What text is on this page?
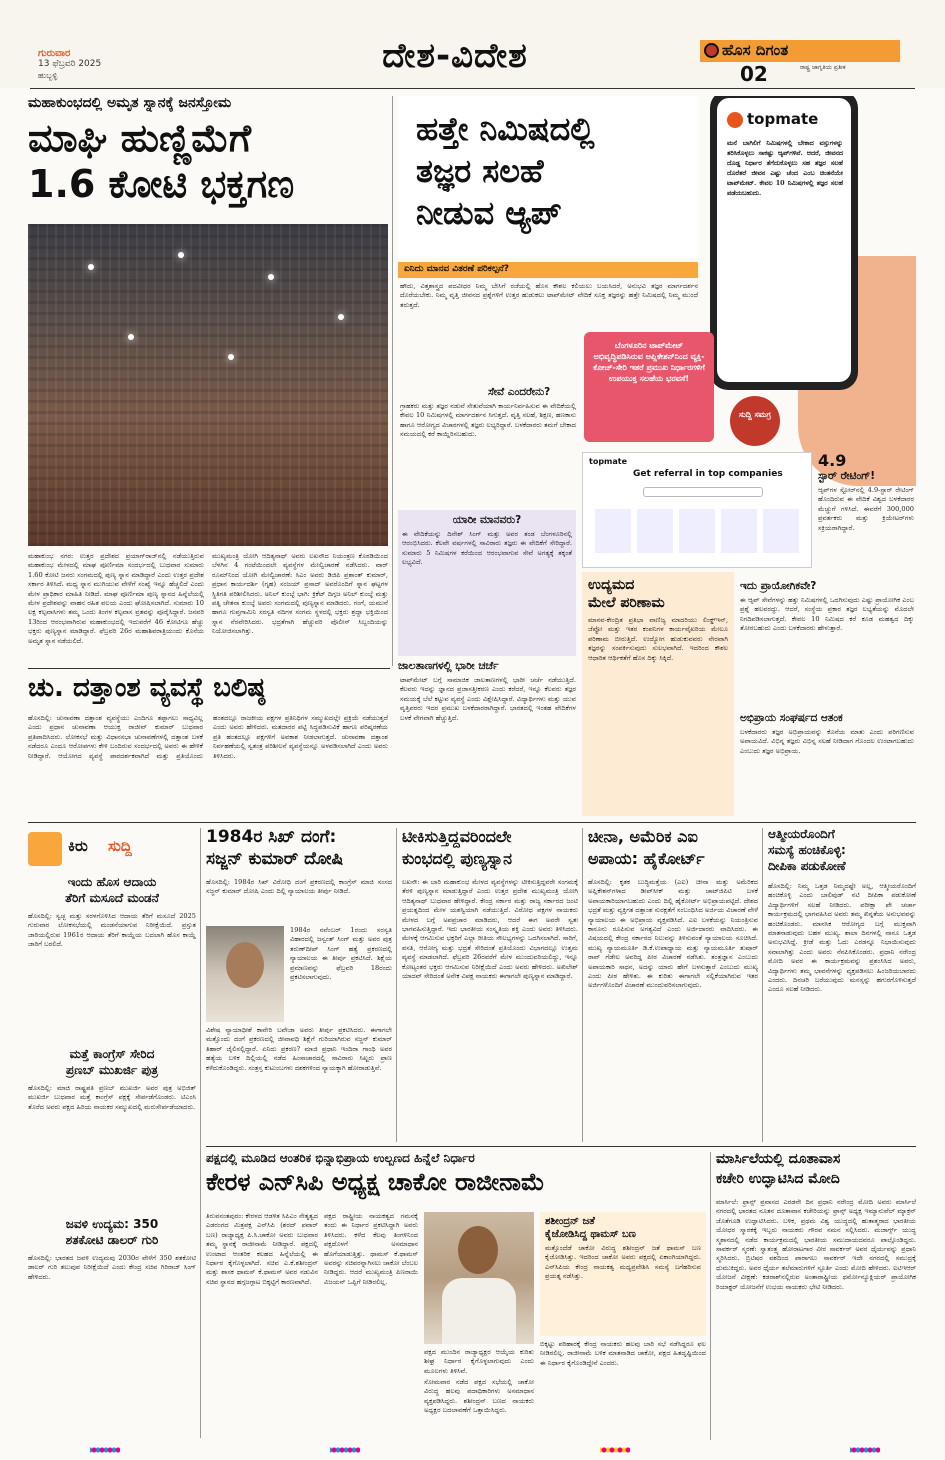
ಗುರುವಾರ
13 ಫೆಬ್ರವರಿ 2025
ಹುಬ್ಬಳ್ಳಿ	ದೇಶ-ವಿದೇಶ	ಹೊಸ ದಿಗಂತ
ರಾಷ್ಟ್ರ ಜಾಗೃತಿಯ ಪ್ರತೀಕ
02
ಮಹಾಕುಂಭದಲ್ಲಿ ಅಮೃತ ಸ್ನಾನಕ್ಕೆ ಜನಸ್ತೋಮ
ಮಾಘಿ ಹುಣ್ಣಿಮೆಗೆ
1.6 ಕೋಟಿ ಭಕ್ತಗಣ
ಮಹಾಕುಂಭ ನಗರ: ಉತ್ತರ ಪ್ರದೇಶದ ಪ್ರಯಾಗ್‌ರಾಜ್‌ನಲ್ಲಿ ನಡೆಯುತ್ತಿರುವ ಮಹಾಕುಂಭ ಮೇಳದಲ್ಲಿ ಮಾಘ ಪೂರ್ಣಿಮಾ ಸಂದರ್ಭದಲ್ಲಿ ಬುಧವಾರ ಸುಮಾರು 1.60 ಕೋಟಿ ಜನರು ಸಂಗಮದಲ್ಲಿ ಪುಣ್ಯ ಸ್ನಾನ ಮಾಡಿದ್ದಾರೆ ಎಂದು ಉತ್ತರ ಪ್ರದೇಶ ಸರ್ಕಾರ ತಿಳಿಸಿದೆ. ಮಧ್ಯ ಸ್ನಾನ ಮುಗಿಯುವ ವೇಳೆಗೆ ಸಂಖ್ಯೆ ಇನ್ನೂ ಹೆಚ್ಚಲಿದೆ ಎಂದು ಮೇಳ ಪ್ರಾಧಿಕಾರ ಮಾಹಿತಿ ನೀಡಿದೆ. ಮಾಘ ಪೂರ್ಣಿಮಾ ಪುಣ್ಯ ಸ್ನಾನದ ಹಿನ್ನೆಲೆಯಲ್ಲಿ ಮೇಳ ಪ್ರದೇಶವನ್ನು ವಾಹನ ರಹಿತ ವಲಯ ಎಂದು ಘೋಷಿಸಲಾಗಿದೆ. ಸುಮಾರು 10 ಲಕ್ಷ ಕಲ್ಪವಾಸಿಗಳು ತಮ್ಮ ಒಂದು ತಿಂಗಳ ಕಲ್ಪವಾಸ ವ್ರತವನ್ನು ಪೂರೈಸಿದ್ದಾರೆ. ಜನವರಿ 13ರಿಂದ ಆರಂಭವಾಗಿರುವ ಮಹಾಕುಂಭದಲ್ಲಿ ಇದುವರೆಗೆ 46 ಕೋಟಿಗೂ ಹೆಚ್ಚು ಭಕ್ತರು ಪುಣ್ಯಸ್ನಾನ ಮಾಡಿದ್ದಾರೆ. ಫೆಬ್ರವರಿ 26ರ ಮಹಾಶಿವರಾತ್ರಿಯಂದು ಕೊನೆಯ ಅಮೃತ ಸ್ನಾನ ನಡೆಯಲಿದೆ.
ಮುಖ್ಯಮಂತ್ರಿ ಯೋಗಿ ಆದಿತ್ಯನಾಥ್ ಅವರು ಲಖನೌದ ನಿಯಂತ್ರಣ ಕೊಠಡಿಯಿಂದ ಬೆಳಗಿನ 4 ಗಂಟೆಯಿಂದಲೇ ವ್ಯವಸ್ಥೆಗಳ ಮೇಲ್ವಿಚಾರಣೆ ನಡೆಸಿದರು. ವಾರ್ ರೂಮ್‌ನಿಂದ ಯೋಗಿ ಮೇಲ್ವಿಚಾರಣೆ: ಸಿಎಂ ಅವರು ಡಿಜಿಪಿ ಪ್ರಶಾಂತ್ ಕುಮಾರ್, ಪ್ರಧಾನ ಕಾರ್ಯದರ್ಶಿ (ಗೃಹ) ಸಂಜಯ್ ಪ್ರಸಾದ್ ಅವರೊಂದಿಗೆ ಸ್ನಾನ ಘಟ್ಟಗಳ ಸ್ಥಿತಿಗತಿ ಪರಿಶೀಲಿಸಿದರು. ಅನಿಲ್ ಕುಂಬ್ಳೆ ಭಾಗಿ: ಕ್ರಿಕೆಟ್ ದಿಗ್ಗಜ ಅನಿಲ್ ಕುಂಬ್ಳೆ ಮತ್ತು ಪತ್ನಿ ಚೇತನಾ ಕುಂಬ್ಳೆ ಅವರು ಸಂಗಮದಲ್ಲಿ ಪುಣ್ಯಸ್ನಾನ ಮಾಡಿದರು. ಗಂಗೆ, ಯಮುನೆ ಹಾಗೂ ಗುಪ್ತಗಾಮಿನಿ ಸರಸ್ವತಿ ನದಿಗಳ ಸಂಗಮ ಸ್ಥಳದಲ್ಲಿ ಭಕ್ತರು ಶ್ರದ್ಧಾ ಭಕ್ತಿಯಿಂದ ಸ್ನಾನ ನೆರವೇರಿಸಿದರು. ಭದ್ರತೆಗಾಗಿ ಹೆಚ್ಚುವರಿ ಪೊಲೀಸ್ ಸಿಬ್ಬಂದಿಯನ್ನು ನಿಯೋಜಿಸಲಾಗಿತ್ತು.
ಚು. ದತ್ತಾಂಶ ವ್ಯವಸ್ಥೆ ಬಲಿಷ್ಠ
ಹೊಸದಿಲ್ಲಿ: ಚುನಾವಣಾ ದತ್ತಾಂಶ ವ್ಯವಸ್ಥೆಯು ಎಂದಿಗೂ ತಪ್ಪಾಗಲು ಸಾಧ್ಯವಿಲ್ಲ ಎಂದು ಪ್ರಧಾನ ಚುನಾವಣಾ ಆಯುಕ್ತ ರಾಜೀವ್ ಕುಮಾರ್ ಬುಧವಾರ ಪ್ರತಿಪಾದಿಸಿದರು. ಲೋಕಸಭೆ ಮತ್ತು ವಿಧಾನಸಭಾ ಚುನಾವಣೆಗಳಲ್ಲಿ ದತ್ತಾಂಶ ಬಳಕೆ ನಡೆದರೂ ಎಂದೂ ಆರೋಪಗಳು ಕೇಳಿ ಬಂದಿರುವ ಸಂದರ್ಭದಲ್ಲಿ ಅವರು ಈ ಹೇಳಿಕೆ ನೀಡಿದ್ದಾರೆ. ಆಯೋಗದ ವ್ಯವಸ್ಥೆ ಪಾರದರ್ಶಕವಾಗಿದೆ ಮತ್ತು ಪ್ರತಿಯೊಂದು ಹಂತದಲ್ಲೂ ರಾಜಕೀಯ ಪಕ್ಷಗಳ ಪ್ರತಿನಿಧಿಗಳ ಸಮ್ಮುಖದಲ್ಲೇ ಪ್ರಕ್ರಿಯೆ ನಡೆಯುತ್ತದೆ ಎಂದು ಅವರು ಹೇಳಿದರು. ಮತದಾರರ ಪಟ್ಟಿ ಸಿದ್ಧಪಡಿಸುವಿಕೆ ಹಾಗೂ ಪರಿಷ್ಕರಣೆಯ ಪ್ರತಿ ಹಂತದಲ್ಲೂ ಪಕ್ಷಗಳಿಗೆ ಅವಕಾಶ ನೀಡಲಾಗುತ್ತದೆ. ಚುನಾವಣಾ ದತ್ತಾಂಶ ನಿರ್ವಹಣೆಯಲ್ಲಿ ಸ್ವತಂತ್ರ ಪರಿಶೀಲನೆ ವ್ಯವಸ್ಥೆಯನ್ನೂ ಅಳವಡಿಸಲಾಗಿದೆ ಎಂದು ಅವರು ತಿಳಿಸಿದರು.
ಹತ್ತೇ ನಿಮಿಷದಲ್ಲಿ
ತಜ್ಞರ ಸಲಹೆ
ನೀಡುವ ಆ್ಯಪ್
topmate
ಮನೆ ಬಾಗಿಲಿಗೆ ನಿಮಿಷಗಳಲ್ಲಿ ಬೇಕಾದ ವಸ್ತುಗಳನ್ನು ತರಿಸಿಕೊಳ್ಳಲು ಸಾಕಷ್ಟು ಆ್ಯಪ್‌ಗಳಿವೆ. ಆದರೆ, ಜೀವನದ ದೊಡ್ಡ ನಿರ್ಧಾರ ತೆಗೆದುಕೊಳ್ಳಲು ಸಹ ತಜ್ಞರ ಸಲಹೆ ದೊರೆತರೆ ಜೀವನ ಎಷ್ಟು ಚೆಂದ ಎಂಬ ಚಿಂತನೆಯೇ ಟಾಪ್‌ಮೇಟ್. ಕೇವಲ 10 ನಿಮಿಷಗಳಲ್ಲಿ ತಜ್ಞರ ಸಲಹೆ ಪಡೆಯಬಹುದು.
ಏನಿದು ಮಾನವ ವಿತರಣೆ ಪರಿಕಲ್ಪನೆ?
ಹೌದು, ವಿತ್ತಶಾಸ್ತ್ರದ ಪದವೀಧರ ನಿಮ್ಮ ಬೇಸಿಗೆ ರಜೆಯಲ್ಲಿ ಹೊಸ ಕೌಶಲ ಕಲಿಯಲು ಬಯಸಿದರೆ, ಅನುಭವಿ ತಜ್ಞರ ಮಾರ್ಗದರ್ಶನ ದೊರೆಯಬೇಕು. ನಿಮ್ಮ ವೃತ್ತಿ ಜೀವನದ ಪ್ರಶ್ನೆಗಳಿಗೆ ಉತ್ತರ ಹುಡುಕಲು ಟಾಪ್‌ಮೇಟ್ ವೇದಿಕೆ ಸೂಕ್ತ ತಜ್ಞರನ್ನು ಹತ್ತೇ ನಿಮಿಷದಲ್ಲಿ ನಿಮ್ಮ ಮುಂದೆ ತರುತ್ತದೆ.
ಬೆಂಗಳೂರಿನ ಟಾಪ್‌ಮೇಟ್ ಅಭಿವೃದ್ಧಿಪಡಿಸಿರುವ ಅಪ್ಲಿಕೇಶನ್‌ನಿಂದ ವ್ಯಕ್ತಿ-ಕೋಚ್-ಸೇರಿ ಇತರೆ ಪ್ರಮುಖ ನಿರ್ಧಾರಗಳಿಗೆ ಉಪಯುಕ್ತ ಸಲಹೆಯ ಭರವಸೆ!
ಸುದ್ದಿ ಸಮಗ್ರ
ಸೇವೆ ಎಂದರೇನು?
ಗ್ರಾಹಕರು ಮತ್ತು ತಜ್ಞರ ನಡುವೆ ಸೇತುವೆಯಾಗಿ ಕಾರ್ಯನಿರ್ವಹಿಸುವ ಈ ವೇದಿಕೆಯಲ್ಲಿ ಕೇವಲ 10 ನಿಮಿಷಗಳಲ್ಲಿ ಮಾರ್ಗದರ್ಶನ ಸಿಗುತ್ತದೆ. ವೃತ್ತಿ ಸಲಹೆ, ಶಿಕ್ಷಣ, ಹಣಕಾಸು ಹಾಗೂ ಆರೋಗ್ಯದ ವಿಚಾರಗಳಲ್ಲಿ ತಜ್ಞರು ಲಭ್ಯರಿದ್ದಾರೆ. ಬಳಕೆದಾರರು ತಮಗೆ ಬೇಕಾದ ಸಮಯದಲ್ಲಿ ಕರೆ ಕಾಯ್ದಿರಿಸಬಹುದು.
topmate
Get referral in top companies
4.9
ಸ್ಟಾರ್ ರೇಟಿಂಗ್!
ಆ್ಯಪ್‌ಗಳ ಸ್ಟೋರ್‌ನಲ್ಲಿ 4.9-ಸ್ಟಾರ್ ರೇಟಿಂಗ್ ಹೊಂದಿರುವ ಈ ವೇದಿಕೆ ವಿಶ್ವದ ಬಳಕೆದಾರರ ಮೆಚ್ಚುಗೆ ಗಳಿಸಿದೆ. ಈವರೆಗೆ 300,000 ಪ್ರವರ್ತಕರು ಮತ್ತು ಕ್ರಿಯೇಟರ್‌ಗಳು ಸಕ್ರಿಯರಾಗಿದ್ದಾರೆ.
ಯಾರೀ ಮಾನವರು?
ಈ ವೇದಿಕೆಯನ್ನು ದಿನೇಶ್ ಸಿಂಗ್ ಮತ್ತು ಅವರ ತಂಡ ಬೆಂಗಳೂರಿನಲ್ಲಿ ಆರಂಭಿಸಿದರು. ಕೆಲವೇ ವರ್ಷಗಳಲ್ಲಿ ಸಾವಿರಾರು ತಜ್ಞರು ಈ ವೇದಿಕೆಗೆ ಸೇರಿದ್ದಾರೆ. ಸುಮಾರು 5 ನಿಮಿಷಗಳ ಕರೆಯಿಂದ ಆರಂಭವಾಗುವ ಸೇವೆ ಅಗತ್ಯಕ್ಕೆ ತಕ್ಕಂತೆ ಲಭ್ಯವಿದೆ.
ಉದ್ಯಮದ
ಮೇಲೆ ಪರಿಣಾಮ
ಮಾನವ-ಕೇಂದ್ರಿತ ಪ್ರತಿಭಾ ವಾಣಿಜ್ಯ ಮಾದರಿಯು ಲಿಂಕ್ಡ್‌ಇನ್, ಜೆಪ್ಟೋ ಮತ್ತು ಇತರ ಕಂಪನಿಗಳ ಕಾರ್ಯವೈಖರಿಯ ಮೇಲೂ ಪರಿಣಾಮ ಬೀರುತ್ತಿದೆ. ಉದ್ಯೋಗ ಹುಡುಕುವವರು ನೇರವಾಗಿ ತಜ್ಞರನ್ನು ಸಂಪರ್ಕಿಸುವುದು ಸುಲಭವಾಗಿದೆ. ಇದರಿಂದ ಕೌಶಲ ಆಧಾರಿತ ಆರ್ಥಿಕತೆಗೆ ಹೊಸ ದಿಕ್ಕು ಸಿಕ್ಕಿದೆ.
ಜಾಲತಾಣಗಳಲ್ಲಿ ಭಾರೀ ಚರ್ಚೆ
ಟಾಪ್‌ಮೇಟ್ ಬಗ್ಗೆ ಸಾಮಾಜಿಕ ಜಾಲತಾಣಗಳಲ್ಲಿ ಭಾರೀ ಚರ್ಚೆ ನಡೆಯುತ್ತಿದೆ. ಕೆಲವರು ಇದನ್ನು ಜ್ಞಾನದ ಪ್ರಜಾಸತ್ತೀಕರಣ ಎಂದು ಕರೆದರೆ, ಇನ್ನೂ ಕೆಲವರು ತಜ್ಞರ ಸಮಯಕ್ಕೆ ಬೆಲೆ ಕಟ್ಟುವ ವ್ಯವಸ್ಥೆ ಎಂದು ವಿಶ್ಲೇಷಿಸಿದ್ದಾರೆ. ವಿದ್ಯಾರ್ಥಿಗಳು ಮತ್ತು ಯುವ ವೃತ್ತಿಪರರು ಇದರ ಪ್ರಮುಖ ಬಳಕೆದಾರರಾಗಿದ್ದಾರೆ. ಭಾರತದಲ್ಲಿ ಇಂತಹ ವೇದಿಕೆಗಳ ಬಳಕೆ ವೇಗವಾಗಿ ಹೆಚ್ಚುತ್ತಿದೆ.
ಇದು ಪ್ರಾಯೋಗಿಕವೇ?
ಈ ಆ್ಯಪ್ ಸೇವೆಗಳನ್ನು ಹತ್ತು ನಿಮಿಷಗಳಲ್ಲಿ ಒದಗಿಸುವುದು ಎಷ್ಟು ಪ್ರಾಯೋಗಿಕ ಎಂಬ ಪ್ರಶ್ನೆ ಹಲವರದ್ದು. ಆದರೆ, ಸಂಸ್ಥೆಯ ಪ್ರಕಾರ ತಜ್ಞರ ಲಭ್ಯತೆಯನ್ನು ಮೊದಲೇ ನಿಗದಿಪಡಿಸಲಾಗುತ್ತದೆ. ಕೇವಲ 10 ನಿಮಿಷದ ಕರೆ ಕೂಡ ಮಹತ್ವದ ದಿಕ್ಕು ತೋರಬಹುದು ಎಂದು ಬಳಕೆದಾರರು ಹೇಳುತ್ತಾರೆ.
ಅಭಿಪ್ರಾಯ ಸಂಘರ್ಷದ ಆತಂಕ
ಬಳಕೆದಾರರು ತಜ್ಞರ ಅಭಿಪ್ರಾಯವನ್ನು ಕೊನೆಯ ಮಾತು ಎಂದು ಪರಿಗಣಿಸುವ ಅಪಾಯವಿದೆ. ವಿಭಿನ್ನ ತಜ್ಞರು ವಿಭಿನ್ನ ಸಲಹೆ ನೀಡಿದಾಗ ಗೊಂದಲ ಉಂಟಾಗಬಹುದು ಎಂಬುದು ತಜ್ಞರ ಅಭಿಪ್ರಾಯ.
ಕಿರು	ಸುದ್ದಿ
ಇಂದು ಹೊಸ ಆದಾಯ
ತೆರಿಗೆ ಮಸೂದೆ ಮಂಡನೆ
ಹೊಸದಿಲ್ಲಿ: ಸ್ವಚ್ಛ ಮತ್ತು ಸರಳಗೊಳಿಸಿದ ಆದಾಯ ತೆರಿಗೆ ಮಸೂದೆ 2025 ಗುರುವಾರ ಲೋಕಸಭೆಯಲ್ಲಿ ಮಂಡನೆಯಾಗುವ ನಿರೀಕ್ಷೆಯಿದೆ. ಪ್ರಸ್ತುತ ಜಾರಿಯಲ್ಲಿರುವ 1961ರ ಆದಾಯ ತೆರಿಗೆ ಕಾಯ್ದೆಯ ಬದಲಾಗಿ ಹೊಸ ಕಾಯ್ದೆ ಜಾರಿಗೆ ಬರಲಿದೆ.
ಮತ್ತೆ ಕಾಂಗ್ರೆಸ್ ಸೇರಿದ
ಪ್ರಣಬ್ ಮುಖರ್ಜಿ ಪುತ್ರ
ಹೊಸದಿಲ್ಲಿ: ಮಾಜಿ ರಾಷ್ಟ್ರಪತಿ ಪ್ರಣಬ್ ಮುಖರ್ಜಿ ಅವರ ಪುತ್ರ ಅಭಿಜಿತ್ ಮುಖರ್ಜಿ ಬುಧವಾರ ಮತ್ತೆ ಕಾಂಗ್ರೆಸ್ ಪಕ್ಷಕ್ಕೆ ಸೇರ್ಪಡೆಗೊಂಡರು. ಟಿಎಂಸಿ ತೊರೆದ ಅವರು ಪಕ್ಷದ ಹಿರಿಯ ನಾಯಕರ ಸಮ್ಮುಖದಲ್ಲಿ ಮರುಸೇರ್ಪಡೆಯಾದರು.
ಜವಳಿ ಉದ್ಯಮ: 350
ಶತಕೋಟಿ ಡಾಲರ್ ಗುರಿ
ಹೊಸದಿಲ್ಲಿ: ಭಾರತದ ಜವಳಿ ಉದ್ಯಮವು 2030ರ ವೇಳೆಗೆ 350 ಶತಕೋಟಿ ಡಾಲರ್ ಗುರಿ ತಲುಪುವ ನಿರೀಕ್ಷೆಯಿದೆ ಎಂದು ಕೇಂದ್ರ ಸಚಿವ ಗಿರಿರಾಜ್ ಸಿಂಗ್ ಹೇಳಿದರು.
1984ರ ಸಿಖ್ ದಂಗೆ:
ಸಜ್ಜನ್ ಕುಮಾರ್ ದೋಷಿ
ಹೊಸದಿಲ್ಲಿ: 1984ರ ಸಿಖ್ ವಿರೋಧಿ ದಂಗೆ ಪ್ರಕರಣದಲ್ಲಿ ಕಾಂಗ್ರೆಸ್ ಮಾಜಿ ಸಂಸದ ಸಜ್ಜನ್ ಕುಮಾರ್ ದೋಷಿ ಎಂದು ದಿಲ್ಲಿ ನ್ಯಾಯಾಲಯ ತೀರ್ಪು ನೀಡಿದೆ.
1984ರ ನವೆಂಬರ್ 1ರಂದು ಸರಸ್ವತಿ ವಿಹಾರದಲ್ಲಿ ಜಸ್ವಂತ್ ಸಿಂಗ್ ಮತ್ತು ಅವರ ಪುತ್ರ ತರುಣ್‌ದೀಪ್ ಸಿಂಗ್ ಹತ್ಯೆ ಪ್ರಕರಣದಲ್ಲಿ ನ್ಯಾಯಾಲಯ ಈ ತೀರ್ಪು ಪ್ರಕಟಿಸಿದೆ. ಶಿಕ್ಷೆಯ ಪ್ರಮಾಣವನ್ನು ಫೆಬ್ರವರಿ 18ರಂದು ಪ್ರಕಟಿಸಲಾಗುವುದು.
ವಿಶೇಷ ನ್ಯಾಯಾಧೀಶೆ ಕಾವೇರಿ ಬವೇಜಾ ಅವರು ತೀರ್ಪು ಪ್ರಕಟಿಸಿದರು. ಈಗಾಗಲೇ ಮತ್ತೊಂದು ದಂಗೆ ಪ್ರಕರಣದಲ್ಲಿ ಜೀವಾವಧಿ ಶಿಕ್ಷೆಗೆ ಗುರಿಯಾಗಿರುವ ಸಜ್ಜನ್ ಕುಮಾರ್ ತಿಹಾರ್ ಜೈಲಿನಲ್ಲಿದ್ದಾರೆ. ಏನಿದು ಪ್ರಕರಣ? ಮಾಜಿ ಪ್ರಧಾನಿ ಇಂದಿರಾ ಗಾಂಧಿ ಅವರ ಹತ್ಯೆಯ ಬಳಿಕ ದಿಲ್ಲಿಯಲ್ಲಿ ನಡೆದ ಹಿಂಸಾಚಾರದಲ್ಲಿ ಸಾವಿರಾರು ಸಿಖ್ಖರು ಪ್ರಾಣ ಕಳೆದುಕೊಂಡಿದ್ದರು. ಸಂತ್ರಸ್ತ ಕುಟುಂಬಗಳು ದಶಕಗಳಿಂದ ನ್ಯಾಯಕ್ಕಾಗಿ ಹೋರಾಡುತ್ತಿವೆ.
ಟೀಕಿಸುತ್ತಿದ್ದವರಿಂದಲೇ
ಕುಂಭದಲ್ಲಿ ಪುಣ್ಯಸ್ನಾನ
ಲಖನೌ: ಈ ಬಾರಿ ಮಹಾಕುಂಭ ಮೇಳದ ವ್ಯವಸ್ಥೆಗಳನ್ನು ಟೀಕಿಸುತ್ತಿದ್ದವರೇ ಸಂಗಮಕ್ಕೆ ತೆರಳಿ ಪುಣ್ಯಸ್ನಾನ ಮಾಡುತ್ತಿದ್ದಾರೆ ಎಂದು ಉತ್ತರ ಪ್ರದೇಶ ಮುಖ್ಯಮಂತ್ರಿ ಯೋಗಿ ಆದಿತ್ಯನಾಥ್ ಬುಧವಾರ ಹೇಳಿದ್ದಾರೆ. ಕೇಂದ್ರ ಸರ್ಕಾರ ಮತ್ತು ರಾಜ್ಯ ಸರ್ಕಾರದ ಜಂಟಿ ಪ್ರಯತ್ನದಿಂದ ಮೇಳ ಯಶಸ್ವಿಯಾಗಿ ನಡೆಯುತ್ತಿದೆ. ವಿರೋಧ ಪಕ್ಷಗಳ ನಾಯಕರು ಮೇಳದ ಬಗ್ಗೆ ಅಪಪ್ರಚಾರ ಮಾಡಿದರು, ಆದರೆ ಈಗ ಅವರೇ ಸ್ವತಃ ಭಾಗವಹಿಸುತ್ತಿದ್ದಾರೆ. ಇದು ಭಾರತೀಯ ಸಂಸ್ಕೃತಿಯ ಶಕ್ತಿ ಎಂದು ಅವರು ತಿಳಿಸಿದರು. ಮೇಳಕ್ಕೆ ಆಗಮಿಸುವ ಭಕ್ತರಿಗೆ ಎಲ್ಲಾ ರೀತಿಯ ಸೌಲಭ್ಯಗಳನ್ನು ಒದಗಿಸಲಾಗಿದೆ. ಸಾರಿಗೆ, ವಸತಿ, ಆರೋಗ್ಯ ಮತ್ತು ಭದ್ರತೆ ಸೇರಿದಂತೆ ಪ್ರತಿಯೊಂದು ವಿಭಾಗದಲ್ಲೂ ಉತ್ತಮ ವ್ಯವಸ್ಥೆ ಮಾಡಲಾಗಿದೆ. ಫೆಬ್ರವರಿ 26ರವರೆಗೆ ಮೇಳ ಮುಂದುವರಿಯಲಿದ್ದು, ಇನ್ನೂ ಕೋಟ್ಯಂತರ ಭಕ್ತರು ಆಗಮಿಸುವ ನಿರೀಕ್ಷೆಯಿದೆ ಎಂದು ಅವರು ಹೇಳಿದರು. ಅಖಿಲೇಶ್ ಯಾದವ್ ಸೇರಿದಂತೆ ಅನೇಕ ವಿಪಕ್ಷ ನಾಯಕರು ಈಗಾಗಲೇ ಪುಣ್ಯಸ್ನಾನ ಮಾಡಿದ್ದಾರೆ.
ಚೀನಾ, ಅಮೆರಿಕ ಎಐ
ಅಪಾಯ: ಹೈಕೋರ್ಟ್
ಹೊಸದಿಲ್ಲಿ: ಕೃತಕ ಬುದ್ಧಿಮತ್ತೆಯ (ಎಐ) ಚೀನಾ ಮತ್ತು ಅಮೆರಿಕದ ಅಪ್ಲಿಕೇಶನ್‌ಗಳಾದ ಡೀಪ್‌ಸೀಕ್ ಮತ್ತು ಚಾಟ್‌ಜಿಪಿಟಿ ಬಳಕೆ ಅಪಾಯಕಾರಿಯಾಗಬಹುದು ಎಂದು ದಿಲ್ಲಿ ಹೈಕೋರ್ಟ್ ಅಭಿಪ್ರಾಯಪಟ್ಟಿದೆ. ದೇಶದ ಭದ್ರತೆ ಮತ್ತು ವ್ಯಕ್ತಿಗತ ದತ್ತಾಂಶ ಸುರಕ್ಷತೆಗೆ ಸಂಬಂಧಿಸಿದ ಅರ್ಜಿಯ ವಿಚಾರಣೆ ವೇಳೆ ನ್ಯಾಯಾಲಯ ಈ ಅಭಿಪ್ರಾಯ ವ್ಯಕ್ತಪಡಿಸಿದೆ. ಎಐ ಬಳಕೆಯನ್ನು ನಿಯಂತ್ರಿಸುವ ಕಾನೂನು ರೂಪಿಸುವ ಅಗತ್ಯವಿದೆ ಎಂದು ಅರ್ಜಿದಾರರು ವಾದಿಸಿದರು. ಈ ವಿಷಯದಲ್ಲಿ ಕೇಂದ್ರ ಸರ್ಕಾರದ ನಿಲುವನ್ನು ತಿಳಿಸುವಂತೆ ನ್ಯಾಯಾಲಯ ಸೂಚಿಸಿದೆ. ಮುಖ್ಯ ನ್ಯಾಯಮೂರ್ತಿ ಡಿ.ಕೆ.ಉಪಾಧ್ಯಾಯ ಮತ್ತು ನ್ಯಾಯಮೂರ್ತಿ ತುಷಾರ್ ರಾವ್ ಗೆಡೇಲ ಅವರಿದ್ದ ಪೀಠ ವಿಚಾರಣೆ ನಡೆಸಿತು. ತಂತ್ರಜ್ಞಾನ ಎಂಬುದು ಅಪಾಯಕಾರಿ ಸಾಧನ, ಅದನ್ನು ಯಾರು ಹೇಗೆ ಬಳಸುತ್ತಾರೆ ಎಂಬುದು ಮುಖ್ಯ ಎಂದು ಪೀಠ ಹೇಳಿತು. ಈ ಕುರಿತು ಈಗಾಗಲೇ ಸಲ್ಲಿಕೆಯಾಗಿರುವ ಇತರ ಅರ್ಜಿಗಳೊಂದಿಗೆ ವಿಚಾರಣೆ ಮುಂದುವರಿಸಲಾಗುವುದು.
ಆತ್ಮೀಯರೊಂದಿಗೆ
ಸಮಸ್ಯೆ ಹಂಚಿಕೊಳ್ಳಿ:
ದೀಪಿಕಾ ಪಡುಕೋಣೆ
ಹೊಸದಿಲ್ಲಿ: ನಿಮ್ಮ ಒತ್ತಡ ನಿಮ್ಮದಷ್ಟೇ ಅಲ್ಲ, ಆತ್ಮೀಯರೊಂದಿಗೆ ಹಂಚಿಕೊಳ್ಳಿ ಎಂದು ಬಾಲಿವುಡ್ ನಟಿ ದೀಪಿಕಾ ಪಡುಕೋಣೆ ವಿದ್ಯಾರ್ಥಿಗಳಿಗೆ ಸಲಹೆ ನೀಡಿದರು. ಪರೀಕ್ಷಾ ಪೇ ಚರ್ಚಾ ಕಾರ್ಯಕ್ರಮದಲ್ಲಿ ಭಾಗವಹಿಸಿದ ಅವರು ತಮ್ಮ ಖಿನ್ನತೆಯ ಅನುಭವವನ್ನು ಹಂಚಿಕೊಂಡರು. ಮಾನಸಿಕ ಆರೋಗ್ಯದ ಬಗ್ಗೆ ಮುಕ್ತವಾಗಿ ಮಾತನಾಡುವುದು ಬಹಳ ಮುಖ್ಯ. ಶಾಲಾ ದಿನಗಳಲ್ಲಿ ನಾನೂ ಒತ್ತಡ ಅನುಭವಿಸಿದ್ದೆ. ಕ್ರೀಡೆ ಮತ್ತು ಓದು ಎರಡನ್ನೂ ನಿಭಾಯಿಸುವುದು ಸವಾಲಾಗಿತ್ತು ಎಂದು ಅವರು ನೆನಪಿಸಿಕೊಂಡರು. ಪ್ರಧಾನಿ ನರೇಂದ್ರ ಮೋದಿ ಅವರ ಈ ಕಾರ್ಯಕ್ರಮವನ್ನು ಪ್ರಶಂಸಿಸಿದ ಅವರು, ವಿದ್ಯಾರ್ಥಿಗಳು ತಮ್ಮ ಭಾವನೆಗಳನ್ನು ವ್ಯಕ್ತಪಡಿಸಲು ಹಿಂಜರಿಯಬಾರದು ಎಂದರು. ದಿನಚರಿ ಬರೆಯುವುದು ಮನಸ್ಸನ್ನು ಹಗುರಗೊಳಿಸುತ್ತದೆ ಎಂದೂ ಸಲಹೆ ನೀಡಿದರು.
ಪಕ್ಷದಲ್ಲಿ ಮೂಡಿದ ಆಂತರಿಕ ಭಿನ್ನಾಭಿಪ್ರಾಯ ಉಲ್ಬಣದ ಹಿನ್ನೆಲೆ ನಿರ್ಧಾರ
ಕೇರಳ ಎನ್‌ಸಿಪಿ ಅಧ್ಯಕ್ಷ ಚಾಕೋ ರಾಜೀನಾಮೆ
ತಿರುವನಂತಪುರಂ: ಕೇರಳದ ಆಡಳಿತ ಸಿಪಿಎಂ ನೇತೃತ್ವದ ಎಡರಂಗದ ಮಿತ್ರಪಕ್ಷ ಎನ್‌ಸಿಪಿ (ಶರದ್ ಪವಾರ್ ಬಣ) ರಾಜ್ಯಾಧ್ಯಕ್ಷ ಪಿ.ಸಿ.ಚಾಕೋ ಅವರು ಬುಧವಾರ ತಮ್ಮ ಸ್ಥಾನಕ್ಕೆ ರಾಜೀನಾಮೆ ನೀಡಿದ್ದಾರೆ. ಪಕ್ಷದಲ್ಲಿ ಉಂಟಾದ ಆಂತರಿಕ ಕಲಹದ ಹಿನ್ನೆಲೆಯಲ್ಲಿ ಈ ನಿರ್ಧಾರ ಕೈಗೊಳ್ಳಲಾಗಿದೆ. ಸಚಿವ ಎ.ಕೆ.ಶಶೀಂದ್ರನ್ ಮತ್ತು ಶಾಸಕ ಥಾಮಸ್ ಕೆ.ಥಾಮಸ್ ಅವರ ನಡುವಿನ ಸಚಿವ ಸ್ಥಾನದ ಹಗ್ಗಜಗ್ಗಾಟ ಬಿಕ್ಕಟ್ಟಿಗೆ ಕಾರಣವಾಗಿದೆ.
ಪಕ್ಷದ ರಾಷ್ಟ್ರೀಯ ನಾಯಕತ್ವದ ಗಮನಕ್ಕೆ ತಂದು ಈ ನಿರ್ಧಾರ ಪ್ರಕಟಿಸಿದ್ದಾಗಿ ಅವರು ತಿಳಿಸಿದರು. ಕಳೆದ ಕೆಲವು ತಿಂಗಳಿನಿಂದ ಪಕ್ಷದೊಳಗೆ ಅಸಮಾಧಾನ ಹೊಗೆಯಾಡುತ್ತಿತ್ತು. ಥಾಮಸ್ ಕೆ.ಥಾಮಸ್ ಅವರನ್ನು ಸಚಿವರನ್ನಾಗಿಸಲು ಚಾಕೋ ಬೆಂಬಲ ನೀಡಿದ್ದರು. ಆದರೆ ಮುಖ್ಯಮಂತ್ರಿ ಪಿಣರಾಯಿ ವಿಜಯನ್ ಒಪ್ಪಿಗೆ ನೀಡಿರಲಿಲ್ಲ.
ಪಕ್ಷದ ಮುಂದಿನ ರಾಜ್ಯಾಧ್ಯಕ್ಷರ ಆಯ್ಕೆಯ ಕುರಿತು ಶೀಘ್ರ ನಿರ್ಧಾರ ಕೈಗೊಳ್ಳಲಾಗುವುದು ಎಂದು ಮೂಲಗಳು ತಿಳಿಸಿವೆ.
ಸೋಮವಾರ ನಡೆದ ಪಕ್ಷದ ಸಭೆಯಲ್ಲಿ ಚಾಕೋ ವಿರುದ್ಧ ಹಲವು ಪದಾಧಿಕಾರಿಗಳು ಅಸಮಾಧಾನ ವ್ಯಕ್ತಪಡಿಸಿದ್ದರು. ಶಶೀಂದ್ರನ್ ಬಣದ ನಾಯಕರು ಅಧ್ಯಕ್ಷರ ಬದಲಾವಣೆಗೆ ಒತ್ತಾಯಿಸಿದ್ದರು.
ಶಶೀಂದ್ರನ್ ಜತೆ
ಕೈಜೋಡಿಸಿದ್ದ ಥಾಮಸ್ ಬಣ
ಮತ್ತೊಂದೆಡೆ ಚಾಕೋ ವಿರುದ್ಧ ಶಶೀಂದ್ರನ್ ಜತೆ ಥಾಮಸ್ ಬಣ ಕೈಜೋಡಿಸಿತ್ತು. ಇದರಿಂದ ಚಾಕೋ ಅವರು ಪಕ್ಷದಲ್ಲಿ ಏಕಾಂಗಿಯಾಗಿದ್ದರು. ಎನ್‌ಸಿಪಿಯ ಕೇಂದ್ರ ನಾಯಕತ್ವ ಮಧ್ಯಪ್ರವೇಶಿಸಿ ಸಮಸ್ಯೆ ಬಗೆಹರಿಸುವ ಪ್ರಯತ್ನ ನಡೆಸಿತ್ತು.
ಬಿಕ್ಕಟ್ಟು ಪರಿಹಾರಕ್ಕೆ ಕೇಂದ್ರ ನಾಯಕರು ಹಲವು ಬಾರಿ ಸಭೆ ನಡೆಸಿದ್ದರೂ ಫಲ ನೀಡಿರಲಿಲ್ಲ. ರಾಜೀನಾಮೆ ಬಳಿಕ ಮಾತನಾಡಿದ ಚಾಕೋ, ಪಕ್ಷದ ಹಿತದೃಷ್ಟಿಯಿಂದ ಈ ನಿರ್ಧಾರ ಕೈಗೊಂಡಿದ್ದೇನೆ ಎಂದರು.
ಮಾರ್ಸಿಲೆಯಲ್ಲಿ ದೂತಾವಾಸ
ಕಚೇರಿ ಉದ್ಘಾಟಿಸಿದ ಮೋದಿ
ಮಾರ್ಸಿಲೆ: ಫ್ರಾನ್ಸ್ ಪ್ರವಾಸದ ಎರಡನೇ ದಿನ ಪ್ರಧಾನಿ ನರೇಂದ್ರ ಮೋದಿ ಅವರು ಮಾರ್ಸಿಲೆ ನಗರದಲ್ಲಿ ಭಾರತದ ನೂತನ ದೂತಾವಾಸ ಕಚೇರಿಯನ್ನು ಫ್ರಾನ್ಸ್ ಅಧ್ಯಕ್ಷ ಇಮ್ಯಾನುವೆಲ್ ಮ್ಯಾಕ್ರನ್ ಜೊತೆಗೂಡಿ ಉದ್ಘಾಟಿಸಿದರು. ಬಳಿಕ, ಪ್ರಥಮ ವಿಶ್ವ ಯುದ್ಧದಲ್ಲಿ ಹುತಾತ್ಮರಾದ ಭಾರತೀಯ ಯೋಧರ ಸ್ಮಾರಕಕ್ಕೆ ಇಬ್ಬರು ನಾಯಕರು ಗೌರವ ನಮನ ಸಲ್ಲಿಸಿದರು. ಮಜಾರ್ಗ್ಸ್ ಯುದ್ಧ ಸ್ಮಶಾನದಲ್ಲಿ ನಡೆದ ಕಾರ್ಯಕ್ರಮದಲ್ಲಿ ಭಾರತೀಯ ಸಮುದಾಯದವರೂ ಪಾಲ್ಗೊಂಡಿದ್ದರು. ಸಾವರ್ಕರ್ ಸ್ಮರಣೆ: ಸ್ವಾತಂತ್ರ್ಯ ಹೋರಾಟಗಾರ ವೀರ ಸಾವರ್ಕರ್ ಅವರ ಧೈರ್ಯವನ್ನು ಪ್ರಧಾನಿ ಸ್ಮರಿಸಿದರು. ಬ್ರಿಟಿಷರ ವಶದಿಂದ ಪಾರಾಗಲು ಸಾವರ್ಕರ್ ಇದೇ ನಗರದಲ್ಲಿ ಸಮುದ್ರಕ್ಕೆ ಧುಮುಕಿದ್ದರು. ಅವರ ಧೈರ್ಯ ತಲೆಮಾರುಗಳಿಗೆ ಸ್ಫೂರ್ತಿ ಎಂದು ಮೋದಿ ಹೇಳಿದರು. ಐಟಿಇಆರ್ ಯೋಜನೆ ವೀಕ್ಷಣೆ: ಕಡರಾಶ್‌ನಲ್ಲಿರುವ ಅಂತಾರಾಷ್ಟ್ರೀಯ ಥರ್ಮೋನ್ಯೂಕ್ಲಿಯರ್ ಪ್ರಾಯೋಗಿಕ ರಿಯಾಕ್ಟರ್ ಯೋಜನೆಗೆ ಉಭಯ ನಾಯಕರು ಭೇಟಿ ನೀಡಿದರು.
